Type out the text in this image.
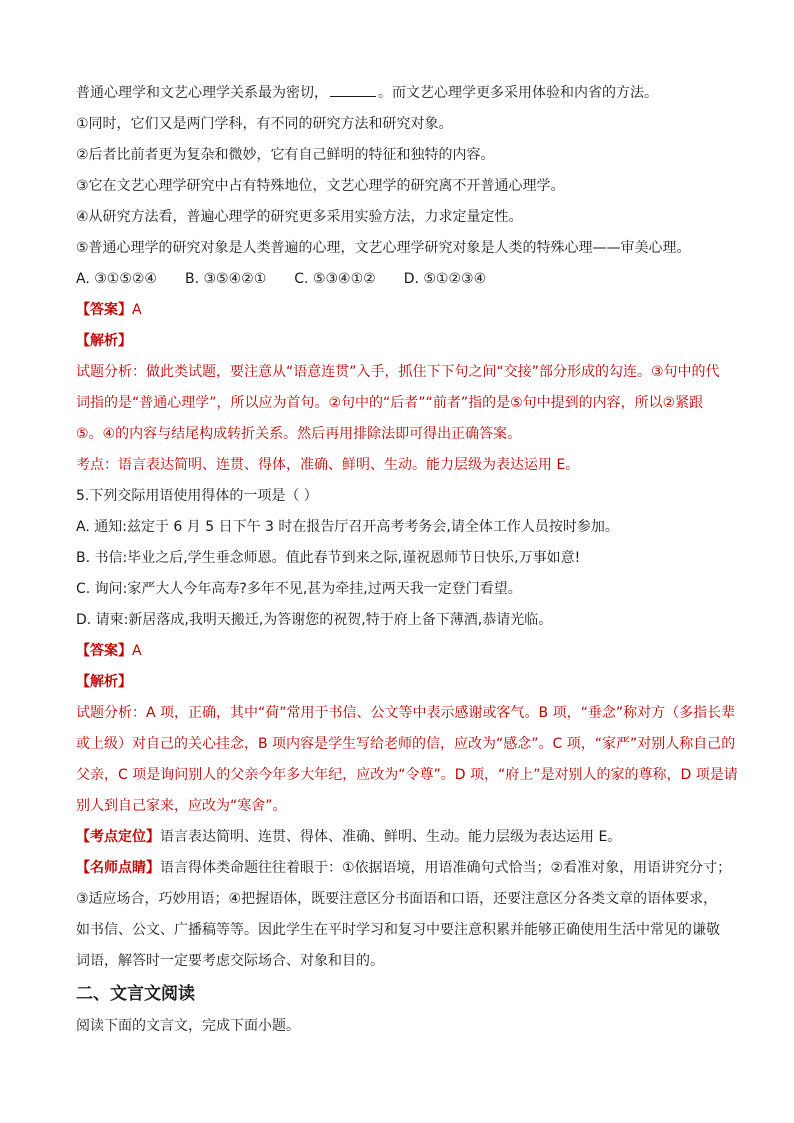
普通心理学和文艺心理学关系最为密切，	。而文艺心理学更多采用体验和内省的方法。
①同时，它们又是两门学科，有不同的研究方法和研究对象。
②后者比前者更为复杂和微妙，它有自己鲜明的特征和独特的内容。
③它在文艺心理学研究中占有特殊地位，文艺心理学的研究离不开普通心理学。
④从研究方法看，普遍心理学的研究更多采用实验方法，力求定量定性。
⑤普通心理学的研究对象是人类普遍的心理，文艺心理学研究对象是人类的特殊心理——审美心理。
A. ③①⑤②④ B. ③⑤④②① C. ⑤③④①② D. ⑤①②③④
【答案】A
【解析】
试题分析：做此类试题，要注意从“语意连贯”入手，抓住下下句之间“交接”部分形成的勾连。③句中的代
词指的是“普通心理学”，所以应为首句。②句中的“后者”“前者”指的是⑤句中提到的内容，所以②紧跟
⑤。④的内容与结尾构成转折关系。然后再用排除法即可得出正确答案。
考点：语言表达简明、连贯、得体，准确、鲜明、生动。能力层级为表达运用 E。
5.下列交际用语使用得体的一项是（ ）
A. 通知:兹定于 6 月 5 日下午 3 时在报告厅召开高考考务会,请全体工作人员按时参加。
B. 书信:毕业之后,学生垂念师恩。值此春节到来之际,谨祝恩师节日快乐,万事如意!
C. 询问:家严大人今年高寿?多年不见,甚为牵挂,过两天我一定登门看望。
D. 请柬:新居落成,我明天搬迁,为答谢您的祝贺,特于府上备下薄酒,恭请光临。
【答案】A
【解析】
试题分析：A 项，正确，其中“荷”常用于书信、公文等中表示感谢或客气。B 项，“垂念”称对方（多指长辈
或上级）对自己的关心挂念，B 项内容是学生写给老师的信，应改为“感念”。C 项，“家严”对别人称自己的
父亲，C 项是询问别人的父亲今年多大年纪，应改为“令尊”。D 项，“府上”是对别人的家的尊称，D 项是请
别人到自己家来，应改为“寒舍”。
【考点定位】语言表达简明、连贯、得体、准确、鲜明、生动。能力层级为表达运用 E。
【名师点睛】语言得体类命题往往着眼于：①依据语境，用语准确句式恰当；②看准对象，用语讲究分寸；
③适应场合，巧妙用语；④把握语体，既要注意区分书面语和口语，还要注意区分各类文章的语体要求，
如书信、公文、广播稿等等。因此学生在平时学习和复习中要注意积累并能够正确使用生活中常见的谦敬
词语，解答时一定要考虑交际场合、对象和目的。
二、文言文阅读
阅读下面的文言文，完成下面小题。
